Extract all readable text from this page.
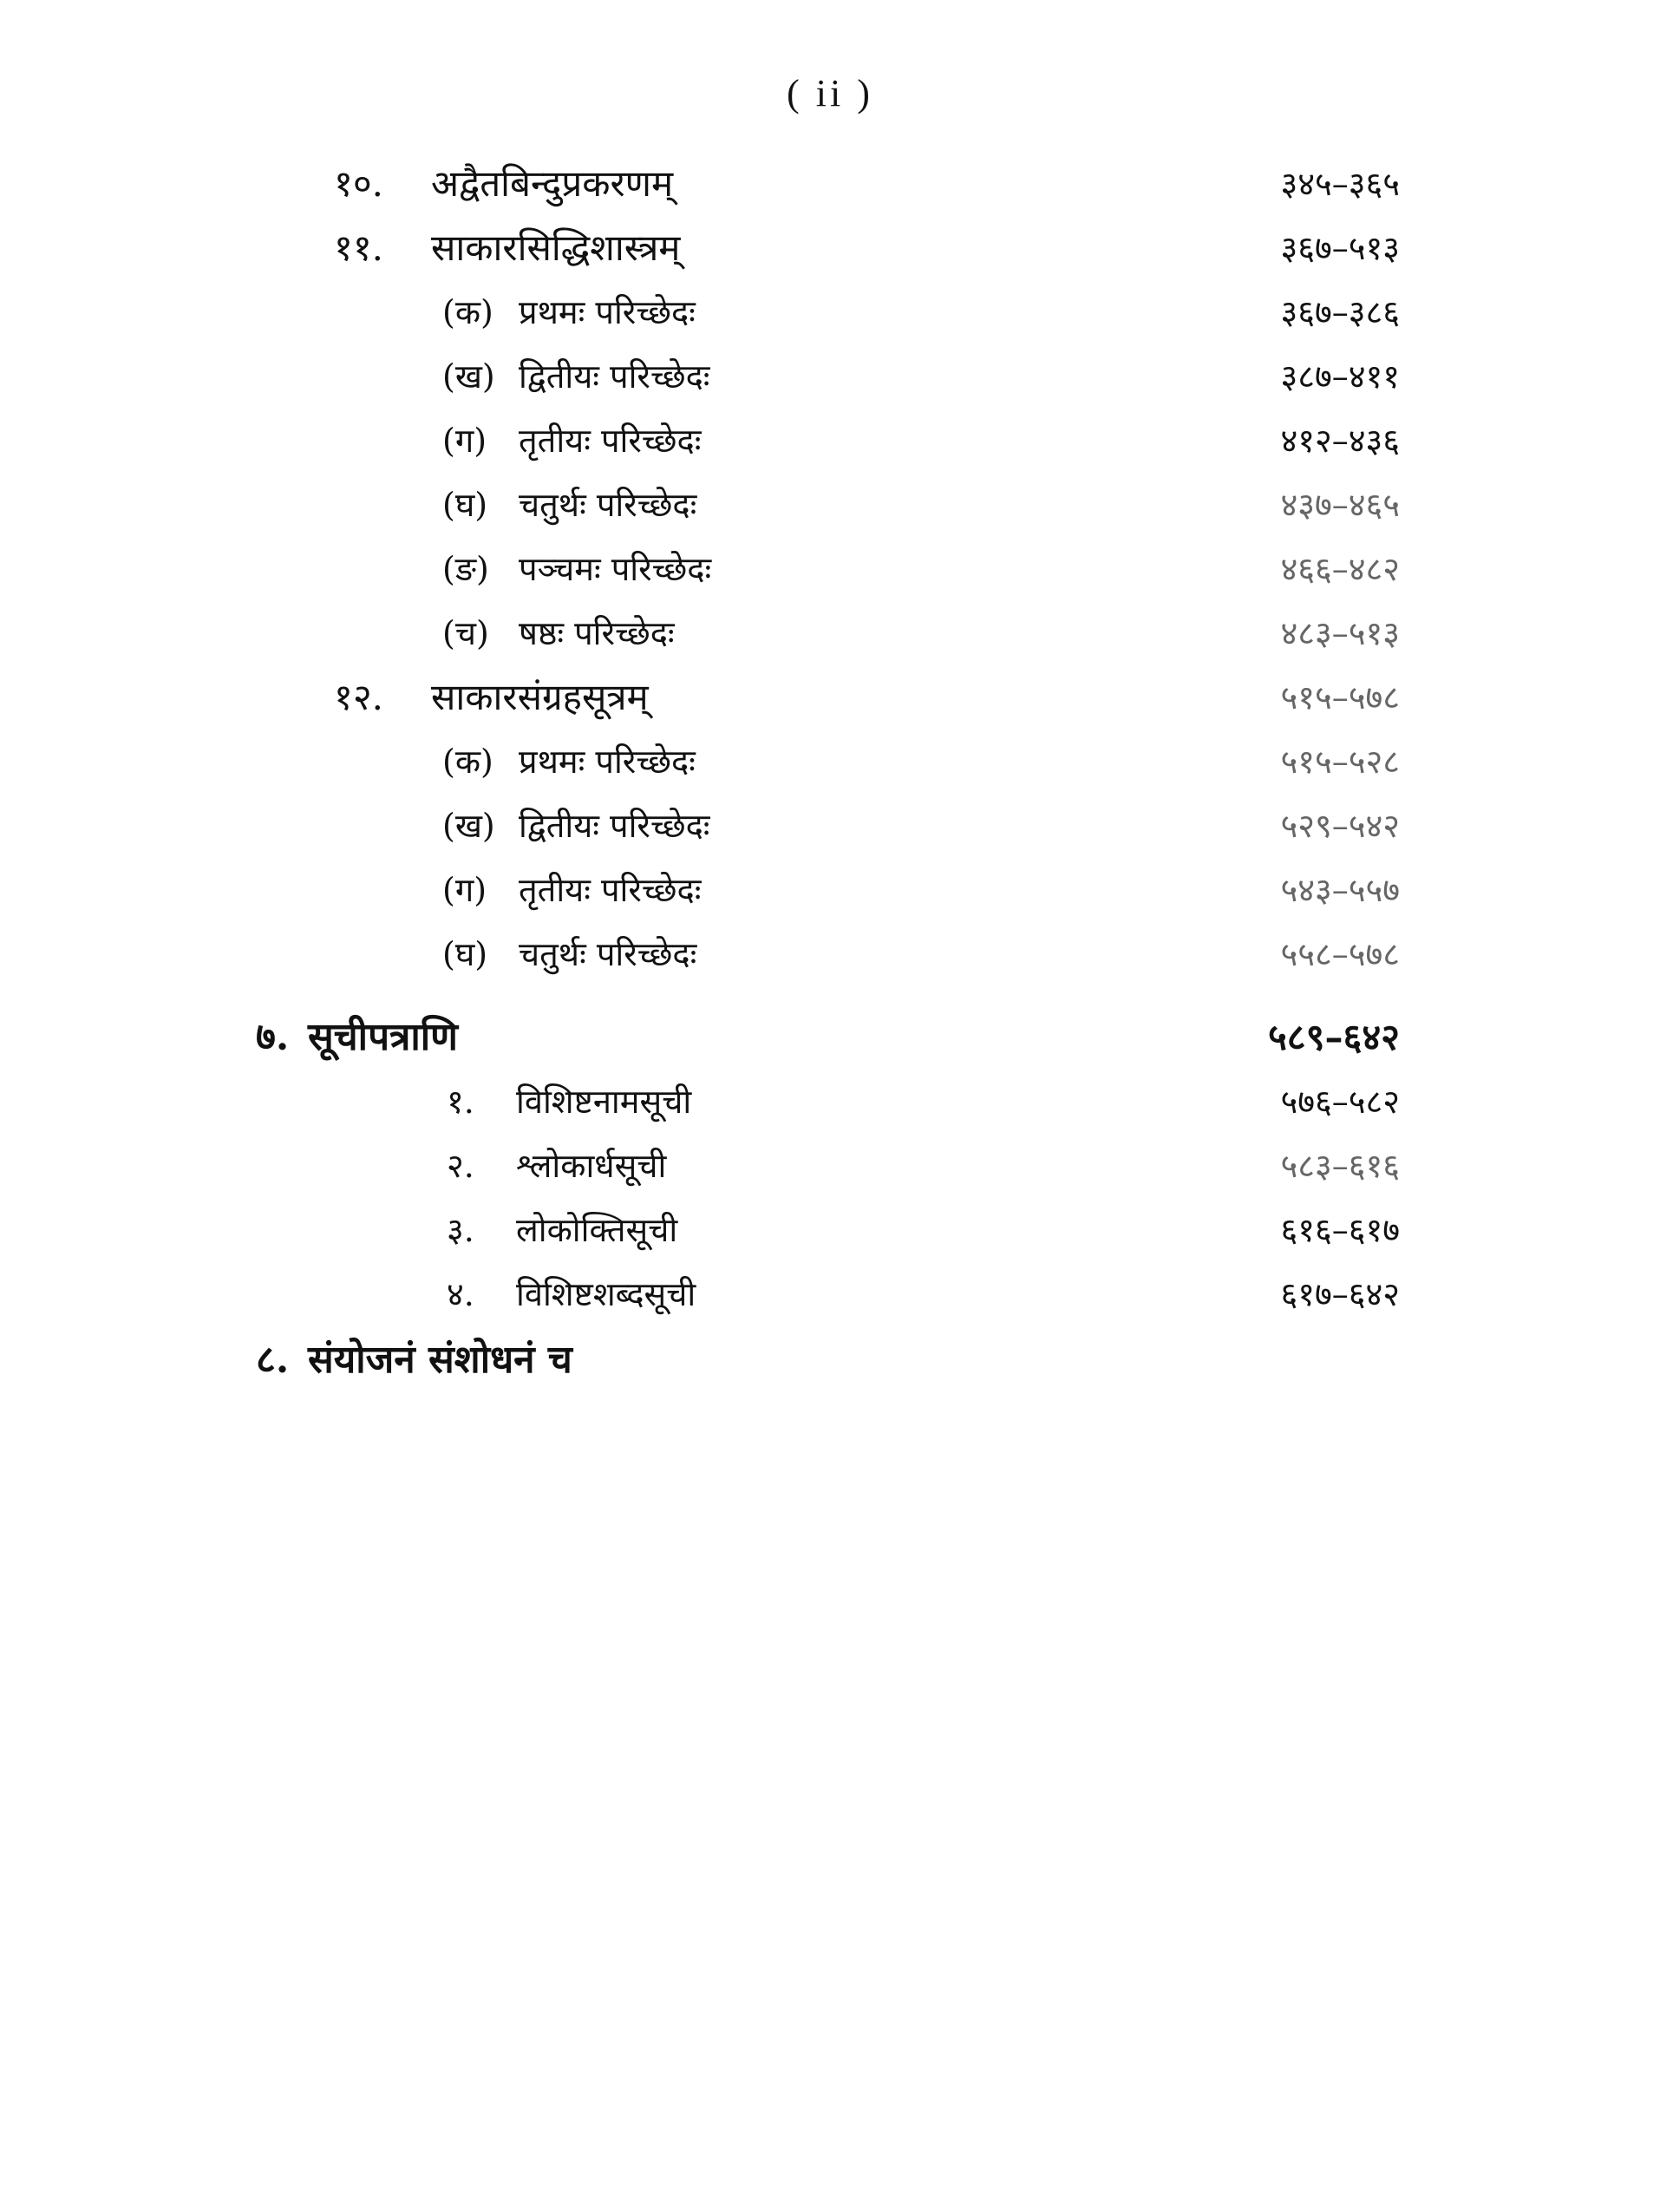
( ii )
१०. अद्वैतबिन्दुप्रकरणम्	३४५–३६५
११. साकारसिद्धिशास्त्रम्	३६७–५१३
(क) प्रथमः परिच्छेदः	३६७–३८६
(ख) द्वितीयः परिच्छेदः	३८७–४११
(ग) तृतीयः परिच्छेदः	४१२–४३६
(घ) चतुर्थः परिच्छेदः	४३७–४६५
(ङ) पञ्चमः परिच्छेदः	४६६–४८२
(च) षष्ठः परिच्छेदः	४८३–५१३
१२. साकारसंग्रहसूत्रम्	५१५–५७८
(क) प्रथमः परिच्छेदः	५१५–५२८
(ख) द्वितीयः परिच्छेदः	५२९–५४२
(ग) तृतीयः परिच्छेदः	५४३–५५७
(घ) चतुर्थः परिच्छेदः	५५८–५७८
७. सूचीपत्राणि	५८९–६४२
१. विशिष्टनामसूची	५७६–५८२
२. श्लोकार्धसूची	५८३–६१६
३. लोकोक्तिसूची	६१६–६१७
४. विशिष्टशब्दसूची	६१७–६४२
८. संयोजनं संशोधनं च
